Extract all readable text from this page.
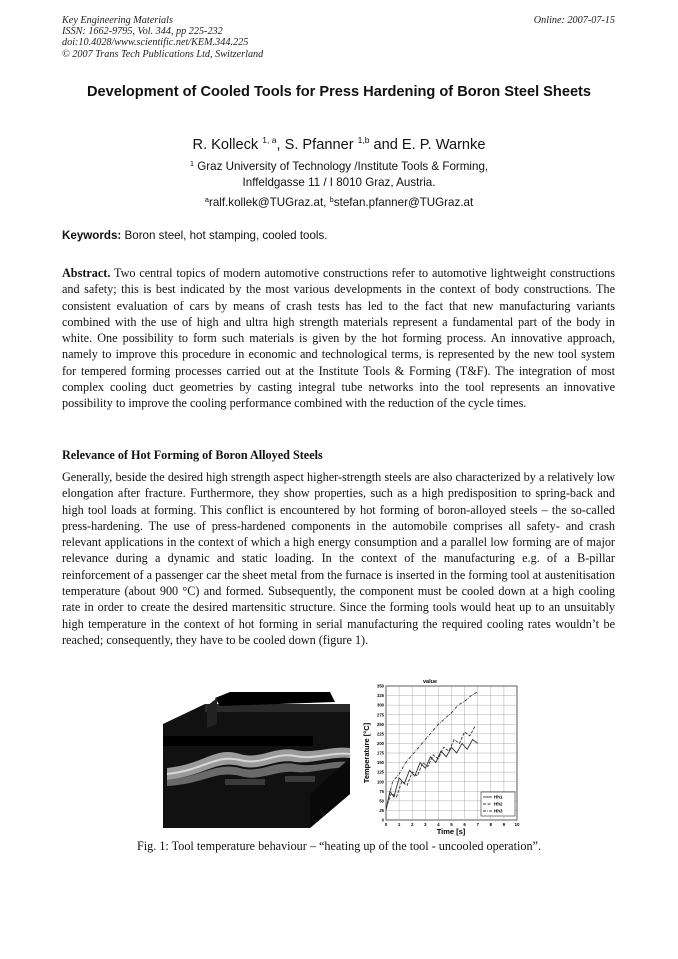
Key Engineering Materials
ISSN: 1662-9795, Vol. 344, pp 225-232
doi:10.4028/www.scientific.net/KEM.344.225
© 2007 Trans Tech Publications Ltd, Switzerland
Online: 2007-07-15
Development of Cooled Tools for Press Hardening of Boron Steel Sheets
R. Kolleck $^{1, a}$, S. Pfanner $^{1,b}$ and E. P. Warnke
$^1$ Graz University of Technology /Institute Tools & Forming,
Inffeldgasse 11 / I 8010 Graz, Austria.
$^a$ralf.kollek@TUGraz.at, $^b$stefan.pfanner@TUGraz.at
Keywords: Boron steel, hot stamping, cooled tools.
Abstract. Two central topics of modern automotive constructions refer to automotive lightweight constructions and safety; this is best indicated by the most various developments in the context of body constructions. The consistent evaluation of cars by means of crash tests has led to the fact that new manufacturing variants combined with the use of high and ultra high strength materials represent a fundamental part of the body in white. One possibility to form such materials is given by the hot forming process. An innovative approach, namely to improve this procedure in economic and technological terms, is represented by the new tool system for tempered forming processes carried out at the Institute Tools & Forming (T&F). The integration of most complex cooling duct geometries by casting integral tube networks into the tool represents an innovative possibility to improve the cooling performance combined with the reduction of the cycle times.
Relevance of Hot Forming of Boron Alloyed Steels
Generally, beside the desired high strength aspect higher-strength steels are also characterized by a relatively low elongation after fracture. Furthermore, they show properties, such as a high predisposition to spring-back and high tool loads at forming. This conflict is encountered by hot forming of boron-alloyed steels – the so-called press-hardening. The use of press-hardened components in the automobile comprises all safety- and crash relevant applications in the context of which a high energy consumption and a parallel low forming are of major relevance during a dynamic and static loading. In the context of the manufacturing e.g. of a B-pillar reinforcement of a passenger car the sheet metal from the furnace is inserted in the forming tool at austenitisation temperature (about 900 °C) and formed. Subsequently, the component must be cooled down at a high cooling rate in order to create the desired martensitic structure. Since the forming tools would heat up to an unsuitably high temperature in the context of hot forming in serial manufacturing the required cooling rates wouldn’t be reached; consequently, they have to be cooled down (figure 1).
value
0
25
50
75
100
125
150
175
200
225
250
275
300
325
350
0 1 2 3 4 5 6 7 8 9 10
Hh1
Hh2
Hh3
Temperature [°C]
Time [s]
Fig. 1: Tool temperature behaviour – “heating up of the tool - uncooled operation”.
